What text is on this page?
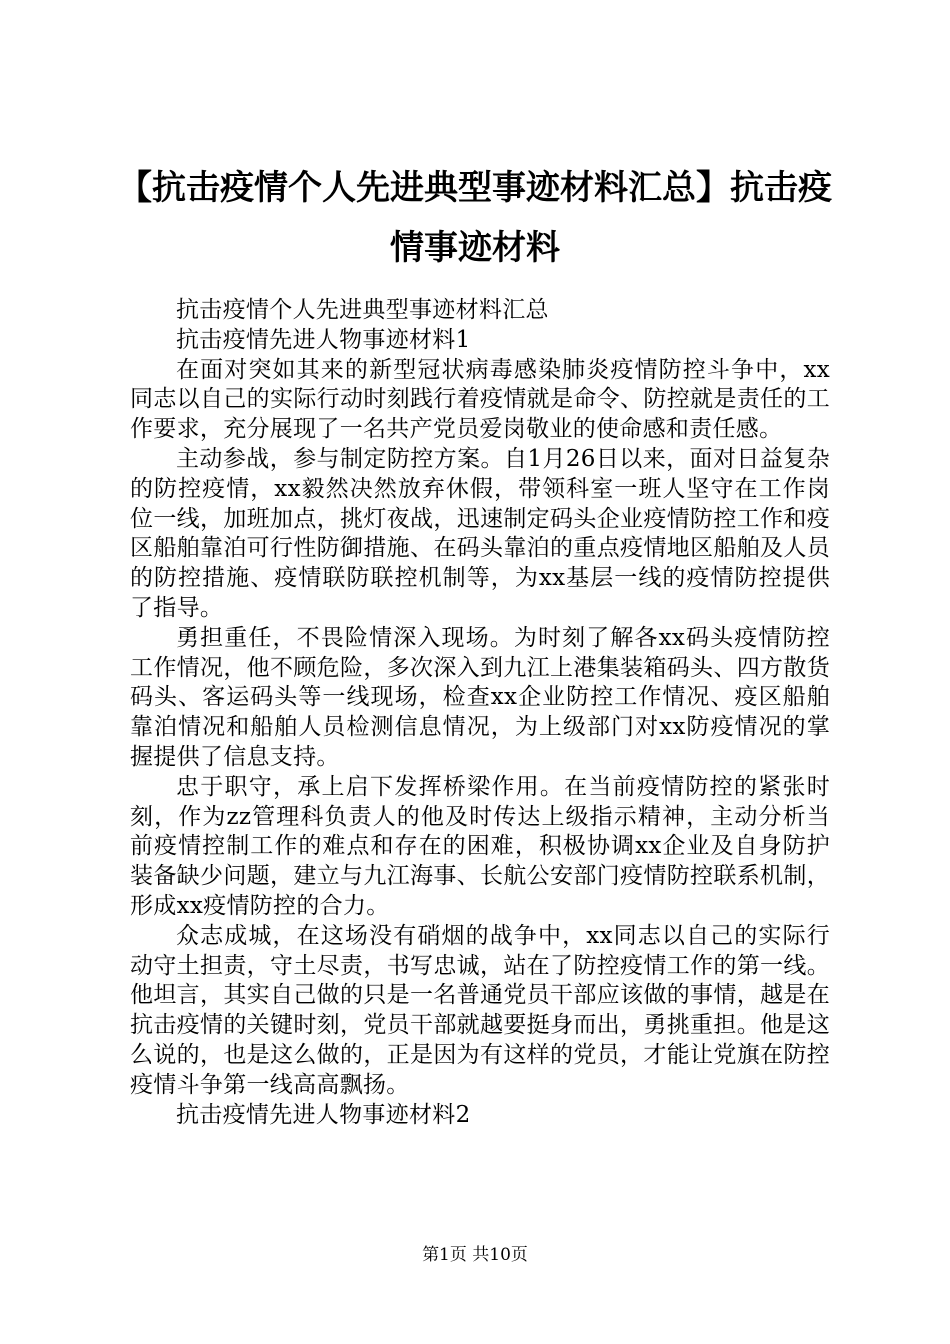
【抗击疫情个人先进典型事迹材料汇总】抗击疫情事迹材料

抗击疫情个人先进典型事迹材料汇总

抗击疫情先进人物事迹材料1

在面对突如其来的新型冠状病毒感染肺炎疫情防控斗争中，xx同志以自己的实际行动时刻践行着疫情就是命令、防控就是责任的工作要求，充分展现了一名共产党员爱岗敬业的使命感和责任感。

主动参战，参与制定防控方案。自1月26日以来，面对日益复杂的防控疫情，xx毅然决然放弃休假，带领科室一班人坚守在工作岗位一线，加班加点，挑灯夜战，迅速制定码头企业疫情防控工作和疫区船舶靠泊可行性防御措施、在码头靠泊的重点疫情地区船舶及人员的防控措施、疫情联防联控机制等，为xx基层一线的疫情防控提供了指导。

勇担重任，不畏险情深入现场。为时刻了解各xx码头疫情防控工作情况，他不顾危险，多次深入到九江上港集装箱码头、四方散货码头、客运码头等一线现场，检查xx企业防控工作情况、疫区船舶靠泊情况和船舶人员检测信息情况，为上级部门对xx防疫情况的掌握提供了信息支持。

忠于职守，承上启下发挥桥梁作用。在当前疫情防控的紧张时刻，作为zz管理科负责人的他及时传达上级指示精神，主动分析当前疫情控制工作的难点和存在的困难，积极协调xx企业及自身防护装备缺少问题，建立与九江海事、长航公安部门疫情防控联系机制，形成xx疫情防控的合力。

众志成城，在这场没有硝烟的战争中，xx同志以自己的实际行动守土担责，守土尽责，书写忠诚，站在了防控疫情工作的第一线。他坦言，其实自己做的只是一名普通党员干部应该做的事情，越是在抗击疫情的关键时刻，党员干部就越要挺身而出，勇挑重担。他是这么说的，也是这么做的，正是因为有这样的党员，才能让党旗在防控疫情斗争第一线高高飘扬。

抗击疫情先进人物事迹材料2

第1页 共10页
